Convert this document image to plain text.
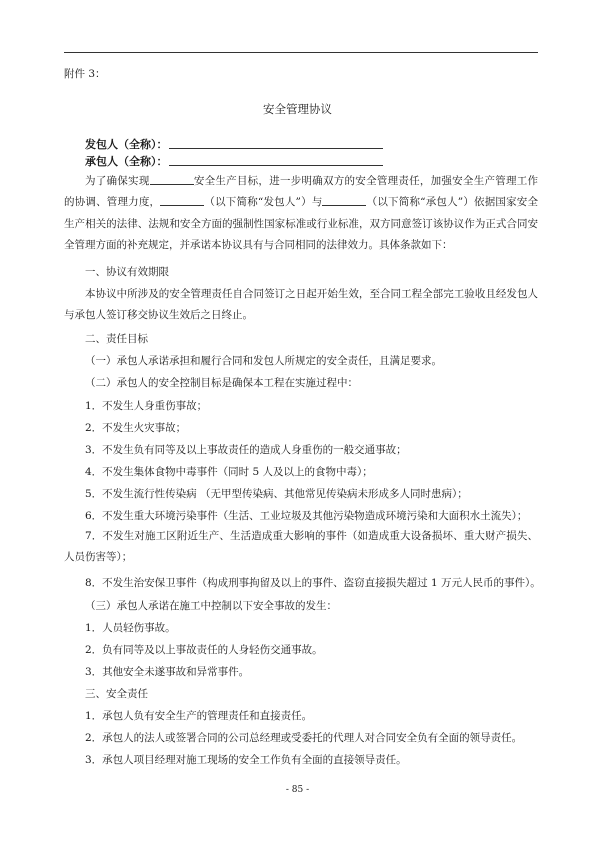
附件 3：
安全管理协议
发包人（全称）：
承包人（全称）：

为了确保实现	安全生产目标，进一步明确双方的安全管理责任，加强安全生产管理工作的协调、管理力度，	（以下简称“发包人”）与	（以下简称“承包人”）依据国家安全生产相关的法律、法规和安全方面的强制性国家标准或行业标准，双方同意签订该协议作为正式合同安全管理方面的补充规定，并承诺本协议具有与合同相同的法律效力。具体条款如下：

一、协议有效期限

本协议中所涉及的安全管理责任自合同签订之日起开始生效，至合同工程全部完工验收且经发包人与承包人签订移交协议生效后之日终止。

二、责任目标

（一）承包人承诺承担和履行合同和发包人所规定的安全责任，且满足要求。

（二）承包人的安全控制目标是确保本工程在实施过程中：

1．不发生人身重伤事故；

2．不发生火灾事故；

3．不发生负有同等及以上事故责任的造成人身重伤的一般交通事故；

4．不发生集体食物中毒事件（同时 5 人及以上的食物中毒）；

5．不发生流行性传染病 （无甲型传染病、其他常见传染病未形成多人同时患病）；

6．不发生重大环境污染事件（生活、工业垃圾及其他污染物造成环境污染和大面积水土流失）；

7．不发生对施工区附近生产、生活造成重大影响的事件（如造成重大设备损坏、重大财产损失、人员伤害等）；

8．不发生治安保卫事件（构成刑事拘留及以上的事件、盗窃直接损失超过 1 万元人民币的事件）。

（三）承包人承诺在施工中控制以下安全事故的发生：

1．人员轻伤事故。

2．负有同等及以上事故责任的人身轻伤交通事故。

3．其他安全未遂事故和异常事件。

三、安全责任

1．承包人负有安全生产的管理责任和直接责任。

2．承包人的法人或签署合同的公司总经理或受委托的代理人对合同安全负有全面的领导责任。

3．承包人项目经理对施工现场的安全工作负有全面的直接领导责任。

- 85 -
